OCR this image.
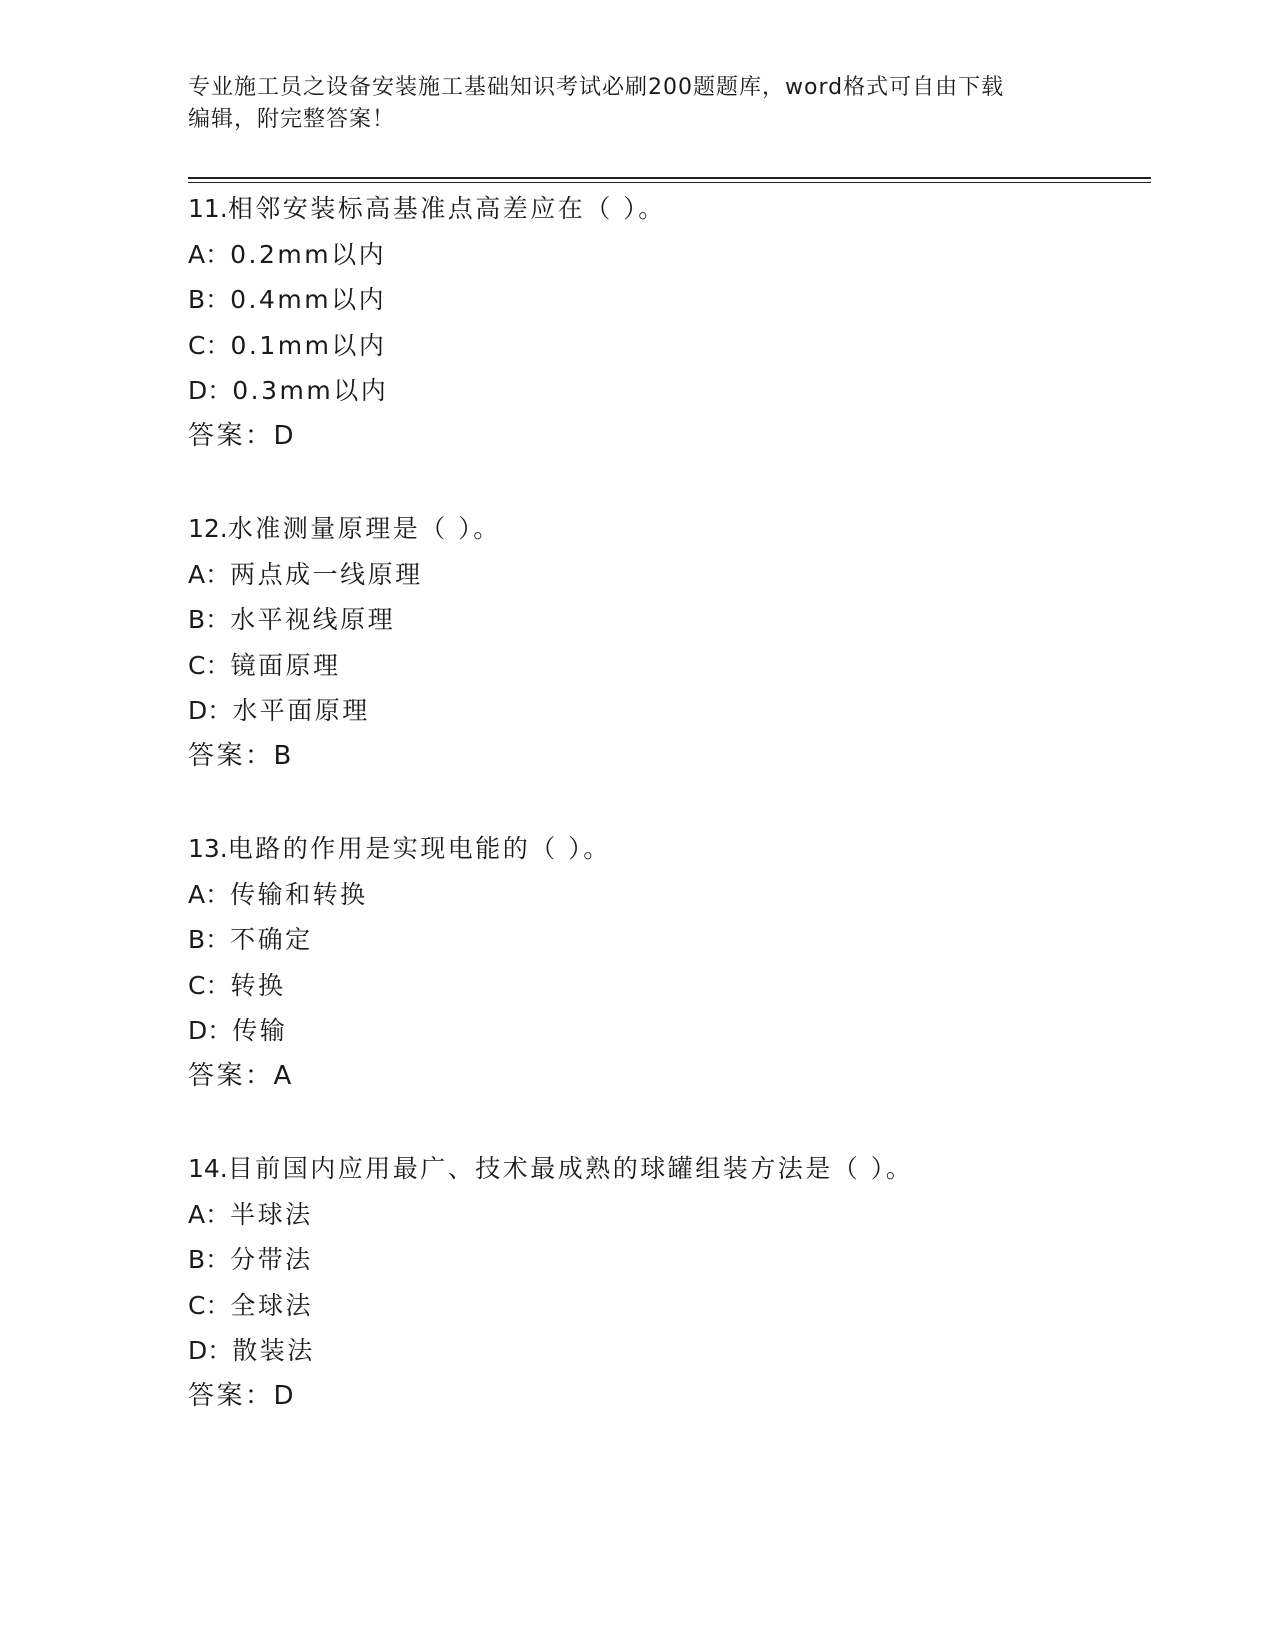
专业施工员之设备安装施工基础知识考试必刷200题题库，word格式可自由下载
编辑，附完整答案！
11.相邻安装标高基准点高差应在（ ）。
A：0.2mm以内
B：0.4mm以内
C：0.1mm以内
D：0.3mm以内
答案：D
12.水准测量原理是（ ）。
A：两点成一线原理
B：水平视线原理
C：镜面原理
D：水平面原理
答案：B
13.电路的作用是实现电能的（ ）。
A：传输和转换
B：不确定
C：转换
D：传输
答案：A
14.目前国内应用最广、技术最成熟的球罐组装方法是（ ）。
A：半球法
B：分带法
C：全球法
D：散装法
答案：D
